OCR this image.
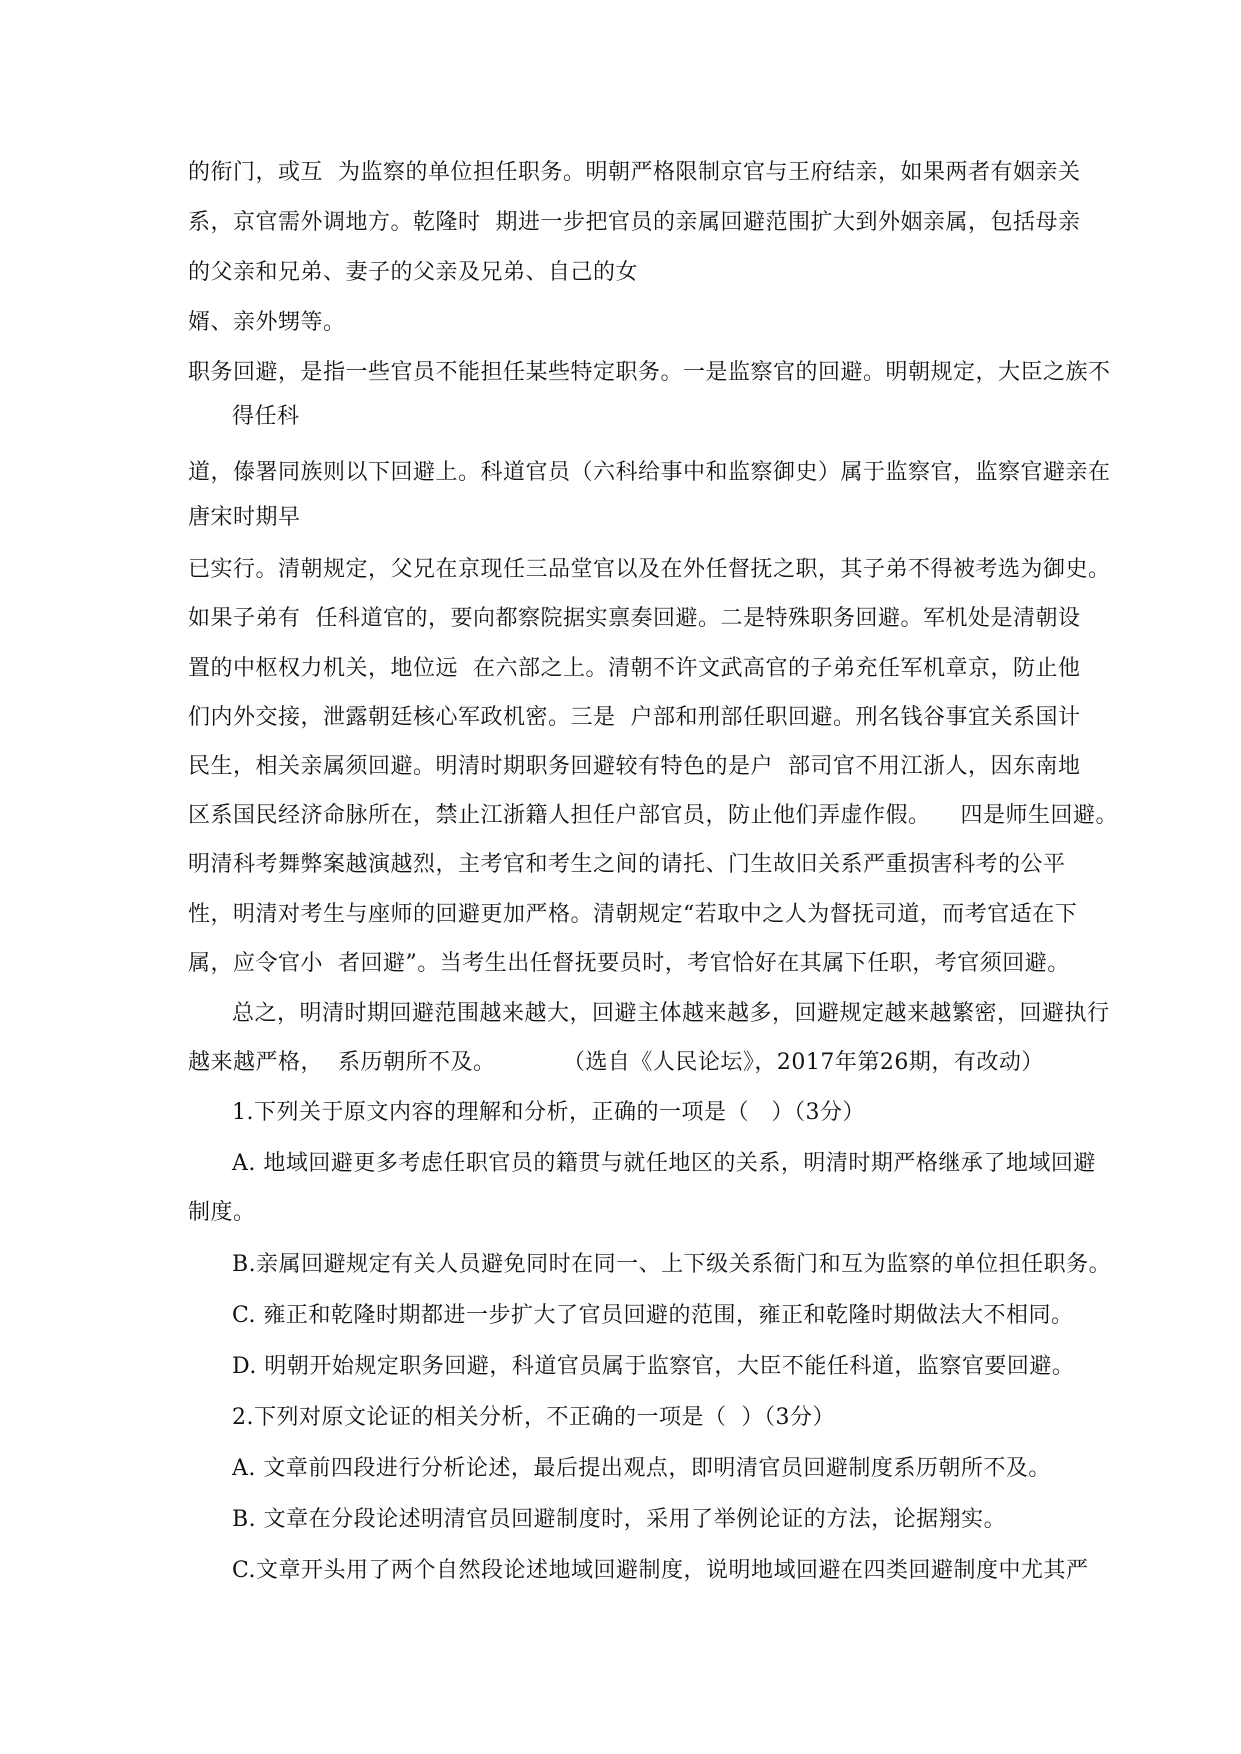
的衔门，或互  为监察的单位担任职务。明朝严格限制京官与王府结亲，如果两者有姻亲关
系，京官需外调地方。乾隆时  期进一步把官员的亲属回避范围扩大到外姻亲属，包括母亲
的父亲和兄弟、妻子的父亲及兄弟、自己的女
婿、亲外甥等。
职务回避，是指一些官员不能担任某些特定职务。一是监察官的回避。明朝规定，大臣之族不
得任科
道，傣署同族则以下回避上。科道官员（六科给事中和监察御史）属于监察官，监察官避亲在
唐宋时期早
已实行。清朝规定，父兄在京现任三品堂官以及在外任督抚之职，其子弟不得被考选为御史。
如果子弟有  任科道官的，要向都察院据实禀奏回避。二是特殊职务回避。军机处是清朝设
置的中枢权力机关，地位远  在六部之上。清朝不许文武高官的子弟充任军机章京，防止他
们内外交接，泄露朝廷核心军政机密。三是  户部和刑部任职回避。刑名钱谷事宜关系国计
民生，相关亲属须回避。明清时期职务回避较有特色的是户  部司官不用江浙人，因东南地
区系国民经济命脉所在，禁止江浙籍人担任户部官员，防止他们弄虚作假。    四是师生回避。
明清科考舞弊案越演越烈，主考官和考生之间的请托、门生故旧关系严重损害科考的公平
性，明清对考生与座师的回避更加严格。清朝规定“若取中之人为督抚司道，而考官适在下
属，应令官小  者回避”。当考生出任督抚要员时，考官恰好在其属下任职，考官须回避。
总之，明清时期回避范围越来越大，回避主体越来越多，回避规定越来越繁密，回避执行
越来越严格，  系历朝所不及。         （选自《人民论坛》，2017年第26期，有改动）
1.下列关于原文内容的理解和分析，正确的一项是（   ）（3分）
A. 地域回避更多考虑任职官员的籍贯与就任地区的关系，明清时期严格继承了地域回避
制度。
B.亲属回避规定有关人员避免同时在同一、上下级关系衙门和互为监察的单位担任职务。
C. 雍正和乾隆时期都进一步扩大了官员回避的范围，雍正和乾隆时期做法大不相同。
D. 明朝开始规定职务回避，科道官员属于监察官，大臣不能任科道，监察官要回避。
2.下列对原文论证的相关分析，不正确的一项是（  ）（3分）
A. 文章前四段进行分析论述，最后提出观点，即明清官员回避制度系历朝所不及。
B. 文章在分段论述明清官员回避制度时，采用了举例论证的方法，论据翔实。
C.文章开头用了两个自然段论述地域回避制度，说明地域回避在四类回避制度中尤其严
